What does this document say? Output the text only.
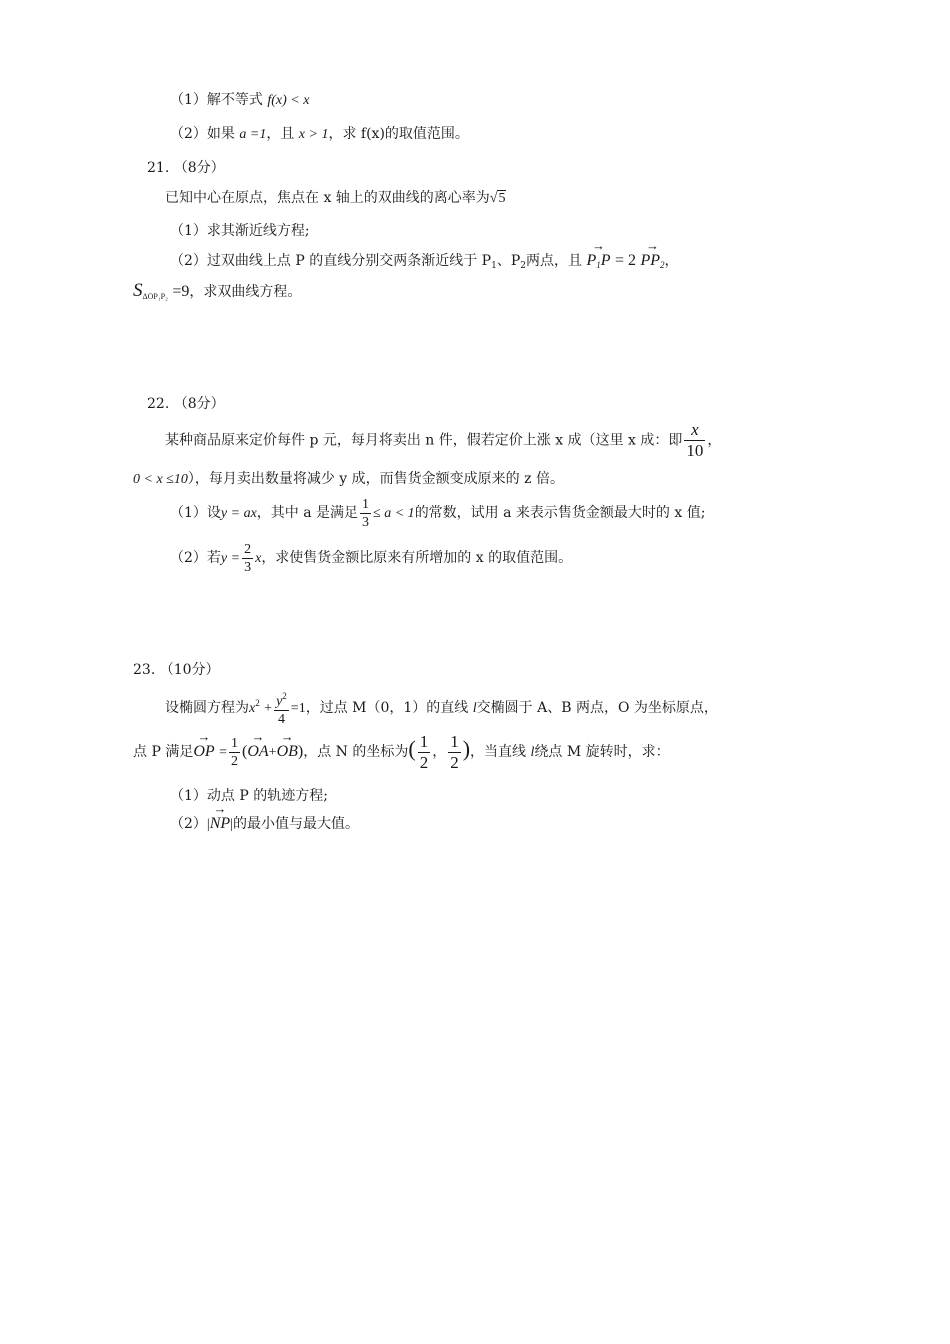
（1）解不等式 f(x) < x
（2）如果 a =1，且 x > 1，求 f(x)的取值范围。
21. （8分）
已知中心在原点，焦点在 x 轴上的双曲线的离心率为√5
（1）求其渐近线方程;
（2）过双曲线上点 P 的直线分别交两条渐近线于 $P_1$、$P_2$两点，且 → $P_1P = 2 \to PP_2$，
$S_{\Delta OP_1P_2} =9$，求双曲线方程。
22. （8分）
某种商品原来定价每件 p 元，每月将卖出 n 件，假若定价上涨 x 成（这里 x 成：即 $\frac{x}{10}$ ，
0 < x ≤10），每月卖出数量将减少 y 成，而售货金额变成原来的 z 倍。
（1）设y = ax，其中 a 是满足 $\frac{1}{3} \le a < 1$的常数，试用 a 来表示售货金额最大时的 x 值;
（2）若$y = \frac{2}{3}$ x，求使售货金额比原来有所增加的 x 的取值范围。
23. （10分）
设椭圆方程为$x^2 + \frac{y^2}{4} =1$，过点 M（0，1）的直线 l交椭圆于 A、B 两点，O 为坐标原点，
点 P 满足→ OP = $\frac{1}{2}$ (→ OA+→ OB)，点 N 的坐标为( $\frac{1}{2}$ ， $\frac{1}{2}$ )，当直线 l绕点 M 旋转时，求：
（1）动点 P 的轨迹方程;
（2）|→ NP|的最小值与最大值。
